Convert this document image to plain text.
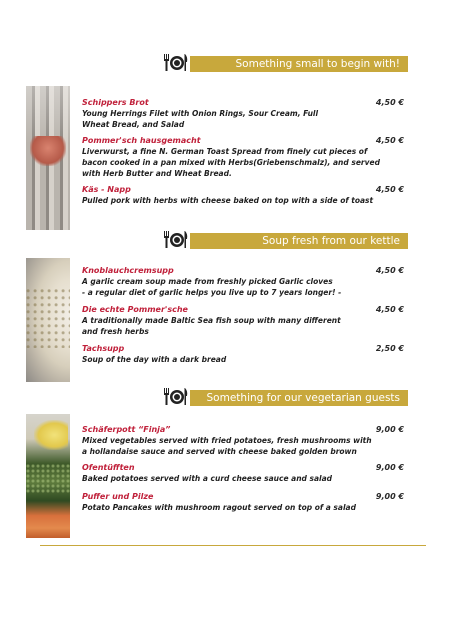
Something small to begin with!
Schippers Brot	4,50 €
Young Herrings Filet with Onion Rings, Sour Cream, Full
Wheat Bread, and Salad
Pommer'sch hausgemacht	4,50 €
Liverwurst, a fine N. German Toast Spread from finely cut pieces of
bacon cooked in a pan mixed with Herbs(Griebenschmalz), and served
with Herb Butter and Wheat Bread.
Käs - Napp	4,50 €
Pulled pork with herbs with cheese baked on top with a side of toast
Soup fresh from our kettle
Knoblauchcremsupp	4,50 €
A garlic cream soup made from freshly picked Garlic cloves
- a regular diet of garlic helps you live up to 7 years longer! -
Die echte Pommer'sche	4,50 €
A traditionally made Baltic Sea fish soup with many different
and fresh herbs
Tachsupp	2,50 €
Soup of the day with a dark bread
Something for our vegetarian guests
Schäferpott “Finja”	9,00 €
Mixed vegetables served with fried potatoes, fresh mushrooms with
a hollandaise sauce and served with cheese baked golden brown
Ofentüfften	9,00 €
Baked potatoes served with a curd cheese sauce and salad
Puffer und Pilze	9,00 €
Potato Pancakes with mushroom ragout served on top of a salad
